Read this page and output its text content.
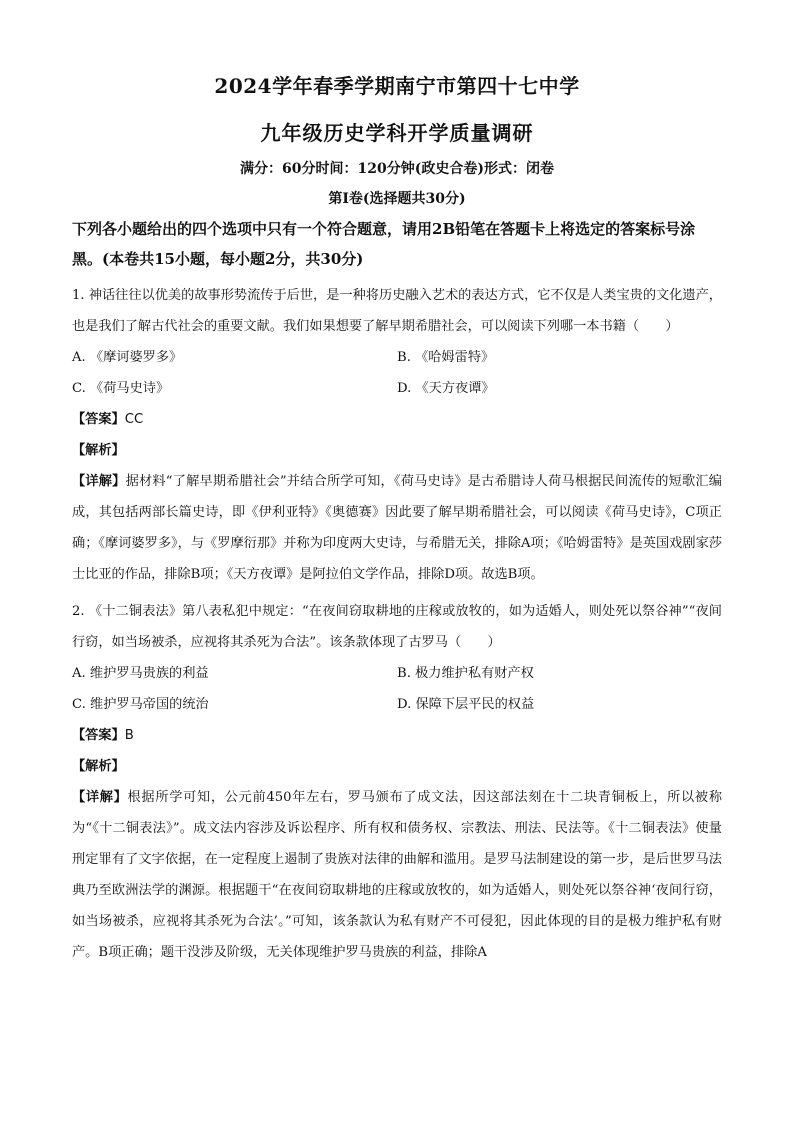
2024学年春季学期南宁市第四十七中学
九年级历史学科开学质量调研
满分：60分时间：120分钟(政史合卷)形式：闭卷
第Ⅰ卷(选择题共30分)
下列各小题给出的四个选项中只有一个符合题意，请用2B铅笔在答题卡上将选定的答案标号涂黑。(本卷共15小题，每小题2分，共30分)

1. 神话往往以优美的故事形势流传于后世，是一种将历史融入艺术的表达方式，它不仅是人类宝贵的文化遗产，也是我们了解古代社会的重要文献。我们如果想要了解早期希腊社会，可以阅读下列哪一本书籍（　　）

A. 《摩诃婆罗多》	B. 《哈姆雷特》
C. 《荷马史诗》	D. 《天方夜谭》
【答案】CC
【解析】

【详解】据材料“了解早期希腊社会”并结合所学可知，《荷马史诗》是古希腊诗人荷马根据民间流传的短歌汇编成，其包括两部长篇史诗，即《伊利亚特》《奥德赛》因此要了解早期希腊社会，可以阅读《荷马史诗》，C项正确；《摩诃婆罗多》，与《罗摩衍那》并称为印度两大史诗，与希腊无关，排除A项；《哈姆雷特》是英国戏剧家莎士比亚的作品，排除B项；《天方夜谭》是阿拉伯文学作品，排除D项。故选B项。

2. 《十二铜表法》第八表私犯中规定：“在夜间窃取耕地的庄稼或放牧的，如为适婚人，则处死以祭谷神”“夜间行窃，如当场被杀，应视将其杀死为合法”。该条款体现了古罗马（　　）

A. 维护罗马贵族的利益	B. 极力维护私有财产权
C. 维护罗马帝国的统治	D. 保障下层平民的权益
【答案】B
【解析】

【详解】根据所学可知，公元前450年左右，罗马颁布了成文法，因这部法刻在十二块青铜板上，所以被称为“《十二铜表法》”。成文法内容涉及诉讼程序、所有权和债务权、宗教法、刑法、民法等。《十二铜表法》使量刑定罪有了文字依据，在一定程度上遏制了贵族对法律的曲解和滥用。是罗马法制建设的第一步，是后世罗马法典乃至欧洲法学的渊源。根据题干“在夜间窃取耕地的庄稼或放牧的，如为适婚人，则处死以祭谷神‘夜间行窃，如当场被杀，应视将其杀死为合法’。”可知，该条款认为私有财产不可侵犯，因此体现的目的是极力维护私有财产。B项正确；题干没涉及阶级，无关体现维护罗马贵族的利益，排除A
